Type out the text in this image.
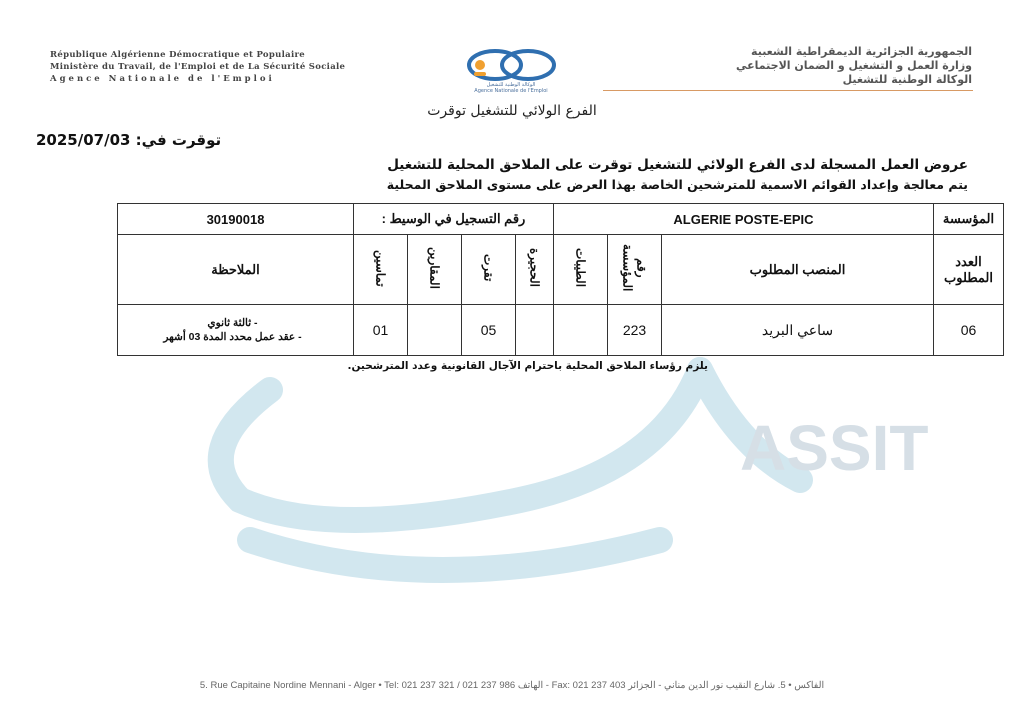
ASSIT
République Algérienne Démocratique et Populaire
Ministère du Travail, de l'Emploi et de La Sécurité Sociale
Agence Nationale de l'Emploi
الوكالة الوطنية للتشغيل
Agence Nationale de l'Emploi
الجمهورية الجزائرية الديمقراطية الشعبية
وزارة العمل و التشغيل و الضمان الاجتماعي
الوكالة الوطنية للتشغيل
الفرع الولائي للتشغيل توقرت
توقرت في: 2025/07/03
عروض العمل المسجلة لدى الفرع الولائي للتشغيل توقرت على الملاحق المحلية للتشغيل
يتم معالجة وإعداد القوائم الاسمية للمترشحين الخاصة بهذا العرض على مستوى الملاحق المحلية
المؤسسة	ALGERIE POSTE-EPIC			رقم التسجيل في الوسيط :				30190018
العدد المطلوب	المنصب المطلوب	رقم المؤسسة	الطيبات	الحجيرة	تقرت	المقارين	تماسين	الملاحظة
06	ساعي البريد	223			05		01	- ثالثة ثانوي
- عقد عمل محدد المدة 03 أشهر
يلزم رؤساء الملاحق المحلية باحترام الآجال القانونية وعدد المترشحين.
5. Rue Capitaine Nordine Mennani - Alger • Tel: 021 237 321 / 021 237 986 الهاتف - Fax: 021 237 403 الفاكس • 5. شارع النقيب نور الدين مناني - الجزائر
